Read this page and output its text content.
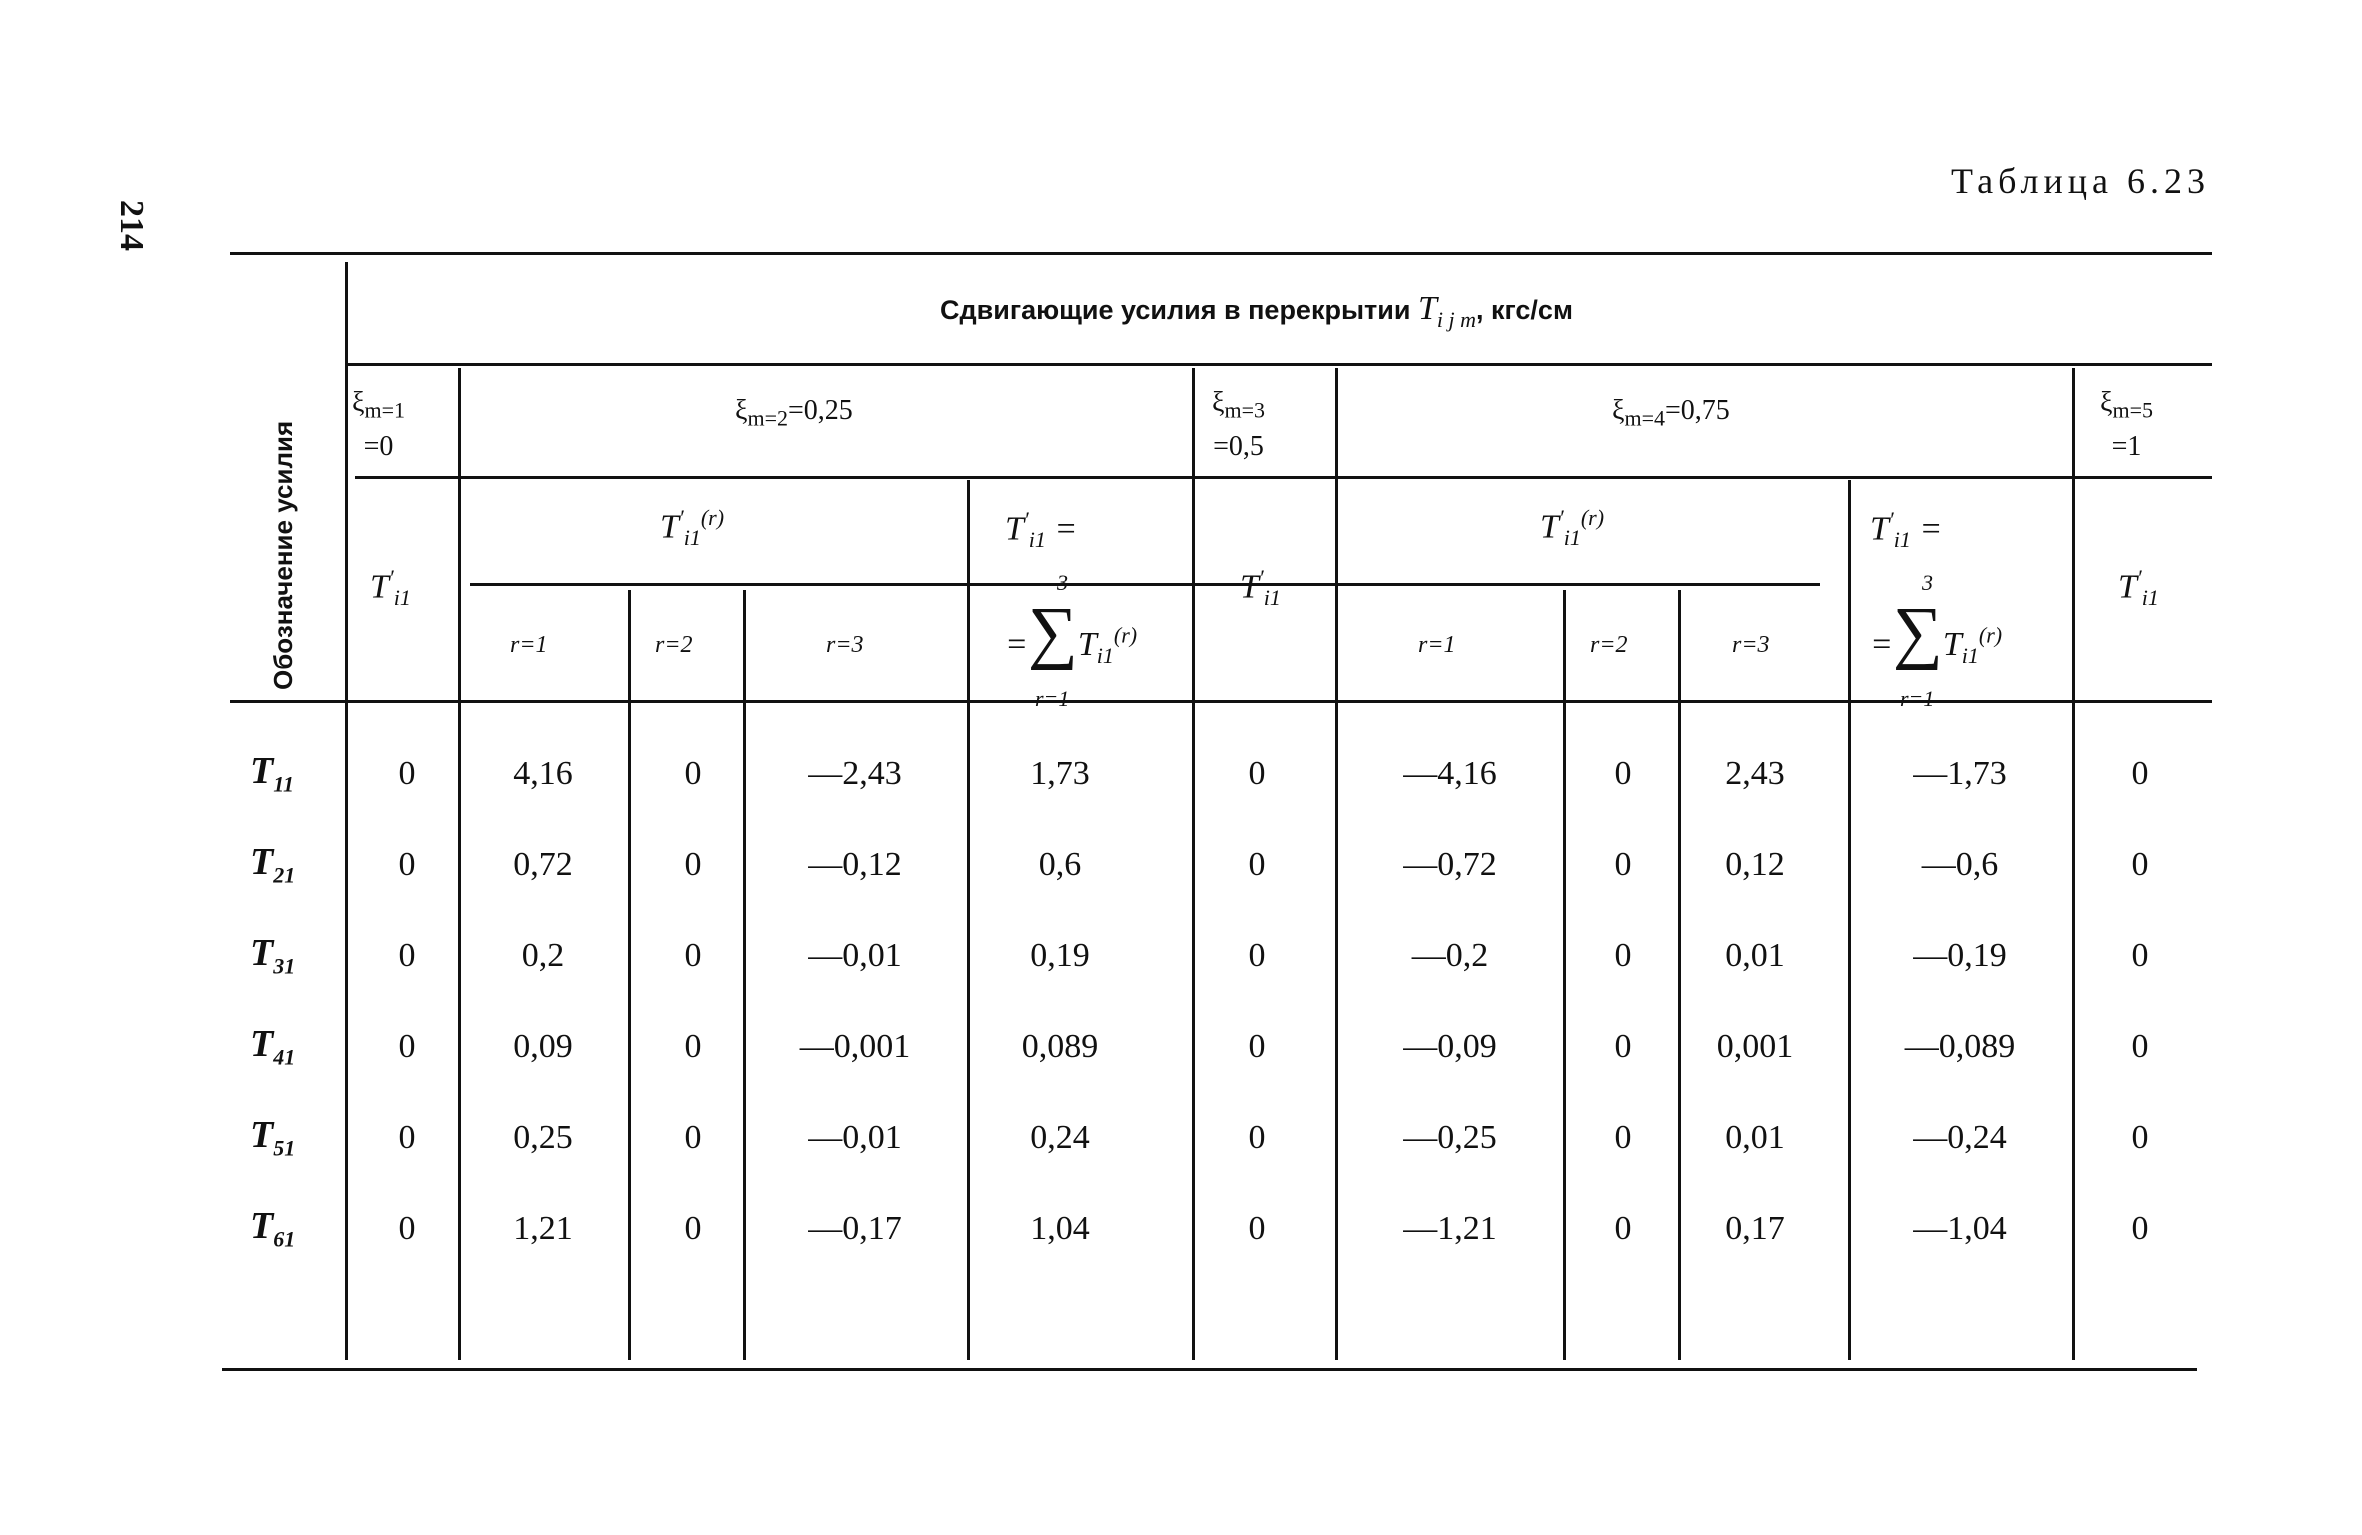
214
Таблица 6.23
Обозначение усилия
Сдвигающие усилия в перекрытии $T_{i j m}$, кгс/см
$\xi_{m=1}$
=0
$\xi_{m=2}=0,25$	$\xi_{m=3}$
=0,5
$\xi_{m=4}=0,75$	$\xi_{m=5}$
=1
$T'_{i1}$	$T'_{i1}$	$T'_{i1}$
$T'_{i1}^{(r)}$	$T'_{i1}^{(r)}$
$T'_{i1}$ =
3
$=\sum T_{i1}^{(r)}$
r=1
$T'_{i1}$ =
3
$=\sum T_{i1}^{(r)}$
r=1
r=1	r=2	r=3	r=1	r=2	r=3
$T_{11}$	0	4,16	0	—2,43	1,73	0	—4,16	0	2,43	—1,73	0
$T_{21}$	0	0,72	0	—0,12	0,6	0	—0,72	0	0,12	—0,6	0
$T_{31}$	0	0,2	0	—0,01	0,19	0	—0,2	0	0,01	—0,19	0
$T_{41}$	0	0,09	0	—0,001	0,089	0	—0,09	0	0,001	—0,089	0
$T_{51}$	0	0,25	0	—0,01	0,24	0	—0,25	0	0,01	—0,24	0
$T_{61}$	0	1,21	0	—0,17	1,04	0	—1,21	0	0,17	—1,04	0
